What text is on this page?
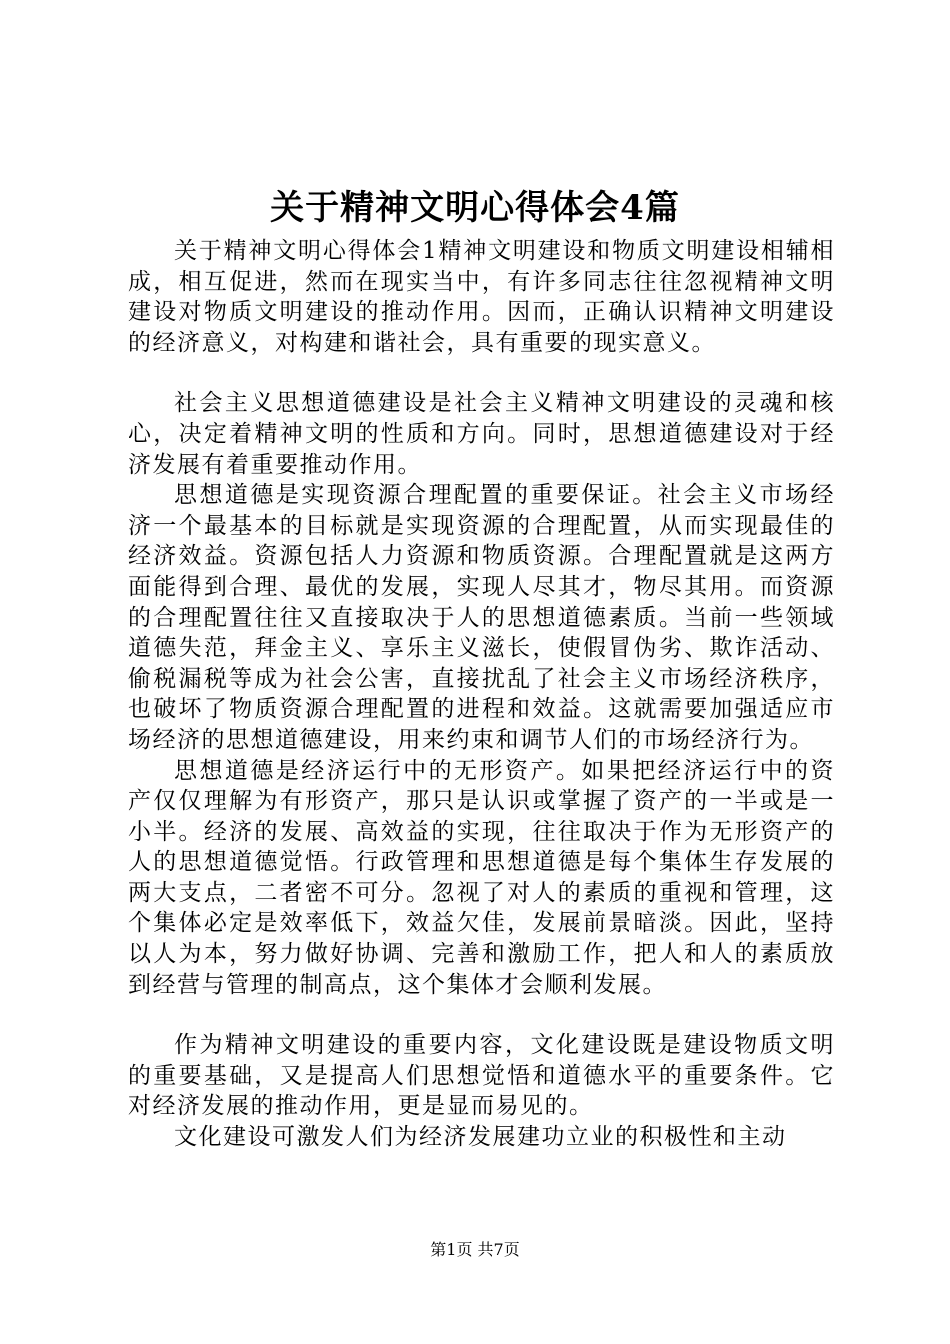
关于精神文明心得体会4篇

关于精神文明心得体会1精神文明建设和物质文明建设相辅相成，相互促进，然而在现实当中，有许多同志往往忽视精神文明建设对物质文明建设的推动作用。因而，正确认识精神文明建设的经济意义，对构建和谐社会，具有重要的现实意义。

社会主义思想道德建设是社会主义精神文明建设的灵魂和核心，决定着精神文明的性质和方向。同时，思想道德建设对于经济发展有着重要推动作用。

思想道德是实现资源合理配置的重要保证。社会主义市场经济一个最基本的目标就是实现资源的合理配置，从而实现最佳的经济效益。资源包括人力资源和物质资源。合理配置就是这两方面能得到合理、最优的发展，实现人尽其才，物尽其用。而资源的合理配置往往又直接取决于人的思想道德素质。当前一些领域道德失范，拜金主义、享乐主义滋长，使假冒伪劣、欺诈活动、偷税漏税等成为社会公害，直接扰乱了社会主义市场经济秩序，也破坏了物质资源合理配置的进程和效益。这就需要加强适应市场经济的思想道德建设，用来约束和调节人们的市场经济行为。

思想道德是经济运行中的无形资产。如果把经济运行中的资产仅仅理解为有形资产，那只是认识或掌握了资产的一半或是一小半。经济的发展、高效益的实现，往往取决于作为无形资产的人的思想道德觉悟。行政管理和思想道德是每个集体生存发展的两大支点，二者密不可分。忽视了对人的素质的重视和管理，这个集体必定是效率低下，效益欠佳，发展前景暗淡。因此，坚持以人为本，努力做好协调、完善和激励工作，把人和人的素质放到经营与管理的制高点，这个集体才会顺利发展。

作为精神文明建设的重要内容，文化建设既是建设物质文明的重要基础，又是提高人们思想觉悟和道德水平的重要条件。它对经济发展的推动作用，更是显而易见的。

文化建设可激发人们为经济发展建功立业的积极性和主动

第1页 共7页
